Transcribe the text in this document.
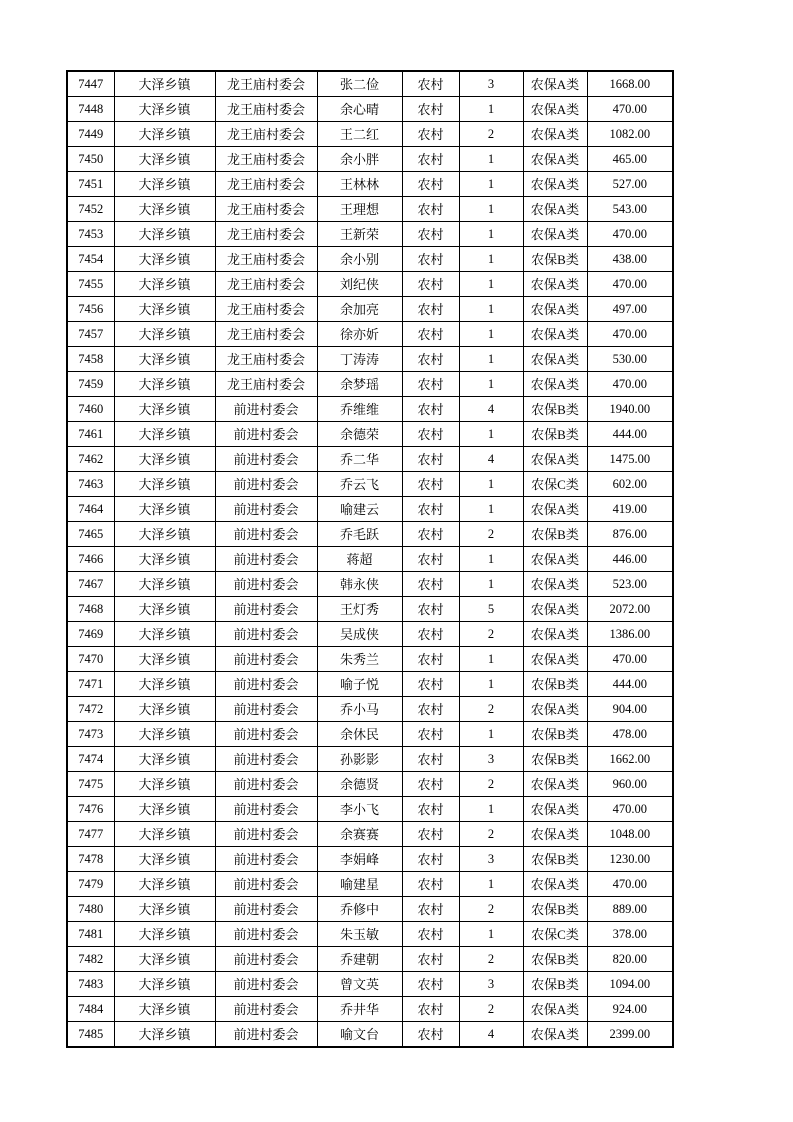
7447	大泽乡镇	龙王庙村委会	张二俭	农村	3	农保A类	1668.00
7448	大泽乡镇	龙王庙村委会	余心晴	农村	1	农保A类	470.00
7449	大泽乡镇	龙王庙村委会	王二红	农村	2	农保A类	1082.00
7450	大泽乡镇	龙王庙村委会	余小胖	农村	1	农保A类	465.00
7451	大泽乡镇	龙王庙村委会	王林林	农村	1	农保A类	527.00
7452	大泽乡镇	龙王庙村委会	王理想	农村	1	农保A类	543.00
7453	大泽乡镇	龙王庙村委会	王新荣	农村	1	农保A类	470.00
7454	大泽乡镇	龙王庙村委会	余小别	农村	1	农保B类	438.00
7455	大泽乡镇	龙王庙村委会	刘纪侠	农村	1	农保A类	470.00
7456	大泽乡镇	龙王庙村委会	余加亮	农村	1	农保A类	497.00
7457	大泽乡镇	龙王庙村委会	徐亦妡	农村	1	农保A类	470.00
7458	大泽乡镇	龙王庙村委会	丁涛涛	农村	1	农保A类	530.00
7459	大泽乡镇	龙王庙村委会	余梦瑶	农村	1	农保A类	470.00
7460	大泽乡镇	前进村委会	乔维维	农村	4	农保B类	1940.00
7461	大泽乡镇	前进村委会	余德荣	农村	1	农保B类	444.00
7462	大泽乡镇	前进村委会	乔二华	农村	4	农保A类	1475.00
7463	大泽乡镇	前进村委会	乔云飞	农村	1	农保C类	602.00
7464	大泽乡镇	前进村委会	喻建云	农村	1	农保A类	419.00
7465	大泽乡镇	前进村委会	乔毛跃	农村	2	农保B类	876.00
7466	大泽乡镇	前进村委会	蒋超	农村	1	农保A类	446.00
7467	大泽乡镇	前进村委会	韩永侠	农村	1	农保A类	523.00
7468	大泽乡镇	前进村委会	王灯秀	农村	5	农保A类	2072.00
7469	大泽乡镇	前进村委会	吴成侠	农村	2	农保A类	1386.00
7470	大泽乡镇	前进村委会	朱秀兰	农村	1	农保A类	470.00
7471	大泽乡镇	前进村委会	喻子悦	农村	1	农保B类	444.00
7472	大泽乡镇	前进村委会	乔小马	农村	2	农保A类	904.00
7473	大泽乡镇	前进村委会	余休民	农村	1	农保B类	478.00
7474	大泽乡镇	前进村委会	孙影影	农村	3	农保B类	1662.00
7475	大泽乡镇	前进村委会	余德贤	农村	2	农保A类	960.00
7476	大泽乡镇	前进村委会	李小飞	农村	1	农保A类	470.00
7477	大泽乡镇	前进村委会	余赛赛	农村	2	农保A类	1048.00
7478	大泽乡镇	前进村委会	李娟峰	农村	3	农保B类	1230.00
7479	大泽乡镇	前进村委会	喻建星	农村	1	农保A类	470.00
7480	大泽乡镇	前进村委会	乔修中	农村	2	农保B类	889.00
7481	大泽乡镇	前进村委会	朱玉敏	农村	1	农保C类	378.00
7482	大泽乡镇	前进村委会	乔建朝	农村	2	农保B类	820.00
7483	大泽乡镇	前进村委会	曾文英	农村	3	农保B类	1094.00
7484	大泽乡镇	前进村委会	乔井华	农村	2	农保A类	924.00
7485	大泽乡镇	前进村委会	喻文台	农村	4	农保A类	2399.00
